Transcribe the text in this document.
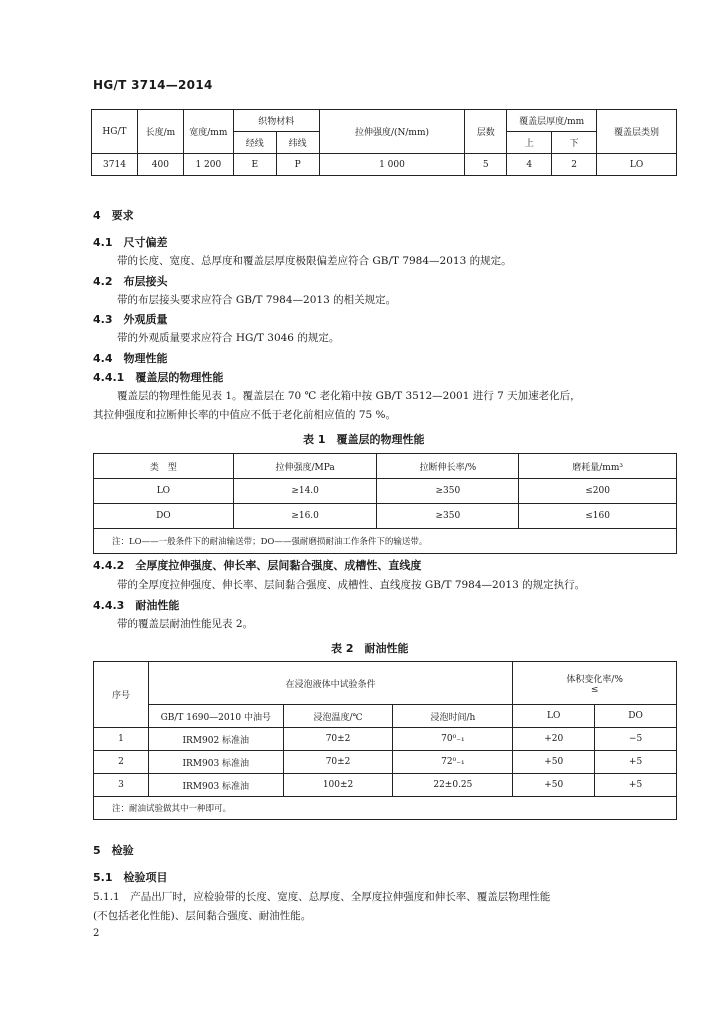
HG/T 3714—2014
HG/T	长度/m	宽度/mm	织物材料		拉伸强度/(N/mm)	层数	覆盖层厚度/mm		覆盖层类别
			经线	纬线			上	下	
3714	400	1 200	E	P	1 000	5	4	2	LO
4　要求
4.1　尺寸偏差
带的长度、宽度、总厚度和覆盖层厚度极限偏差应符合 GB/T 7984—2013 的规定。
4.2　布层接头
带的布层接头要求应符合 GB/T 7984—2013 的相关规定。
4.3　外观质量
带的外观质量要求应符合 HG/T 3046 的规定。
4.4　物理性能
4.4.1　覆盖层的物理性能
覆盖层的物理性能见表 1。覆盖层在 70 ℃ 老化箱中按 GB/T 3512—2001 进行 7 天加速老化后，
其拉伸强度和拉断伸长率的中值应不低于老化前相应值的 75 %。
表 1　覆盖层的物理性能
类　型	拉伸强度/MPa	拉断伸长率/%	磨耗量/mm³
LO	≥14.0	≥350	≤200
DO	≥16.0	≥350	≤160
注：LO——一般条件下的耐油输送带；DO——强耐磨损耐油工作条件下的输送带。			
4.4.2　全厚度拉伸强度、伸长率、层间黏合强度、成槽性、直线度
带的全厚度拉伸强度、伸长率、层间黏合强度、成槽性、直线度按 GB/T 7984—2013 的规定执行。
4.4.3　耐油性能
带的覆盖层耐油性能见表 2。
表 2　耐油性能
序号	在浸泡液体中试验条件			体积变化率/%
≤	

	GB/T 1690—2010 中油号	浸泡温度/℃	浸泡时间/h	LO	DO
1	IRM902 标准油	70±2	70⁰₋₁	+20	−5
2	IRM903 标准油	70±2	72⁰₋₁	+50	+5
3	IRM903 标准油	100±2	22±0.25	+50	+5
注：耐油试验做其中一种即可。					
5　检验
5.1　检验项目
5.1.1　产品出厂时，应检验带的长度、宽度、总厚度、全厚度拉伸强度和伸长率、覆盖层物理性能
(不包括老化性能)、层间黏合强度、耐油性能。
2
